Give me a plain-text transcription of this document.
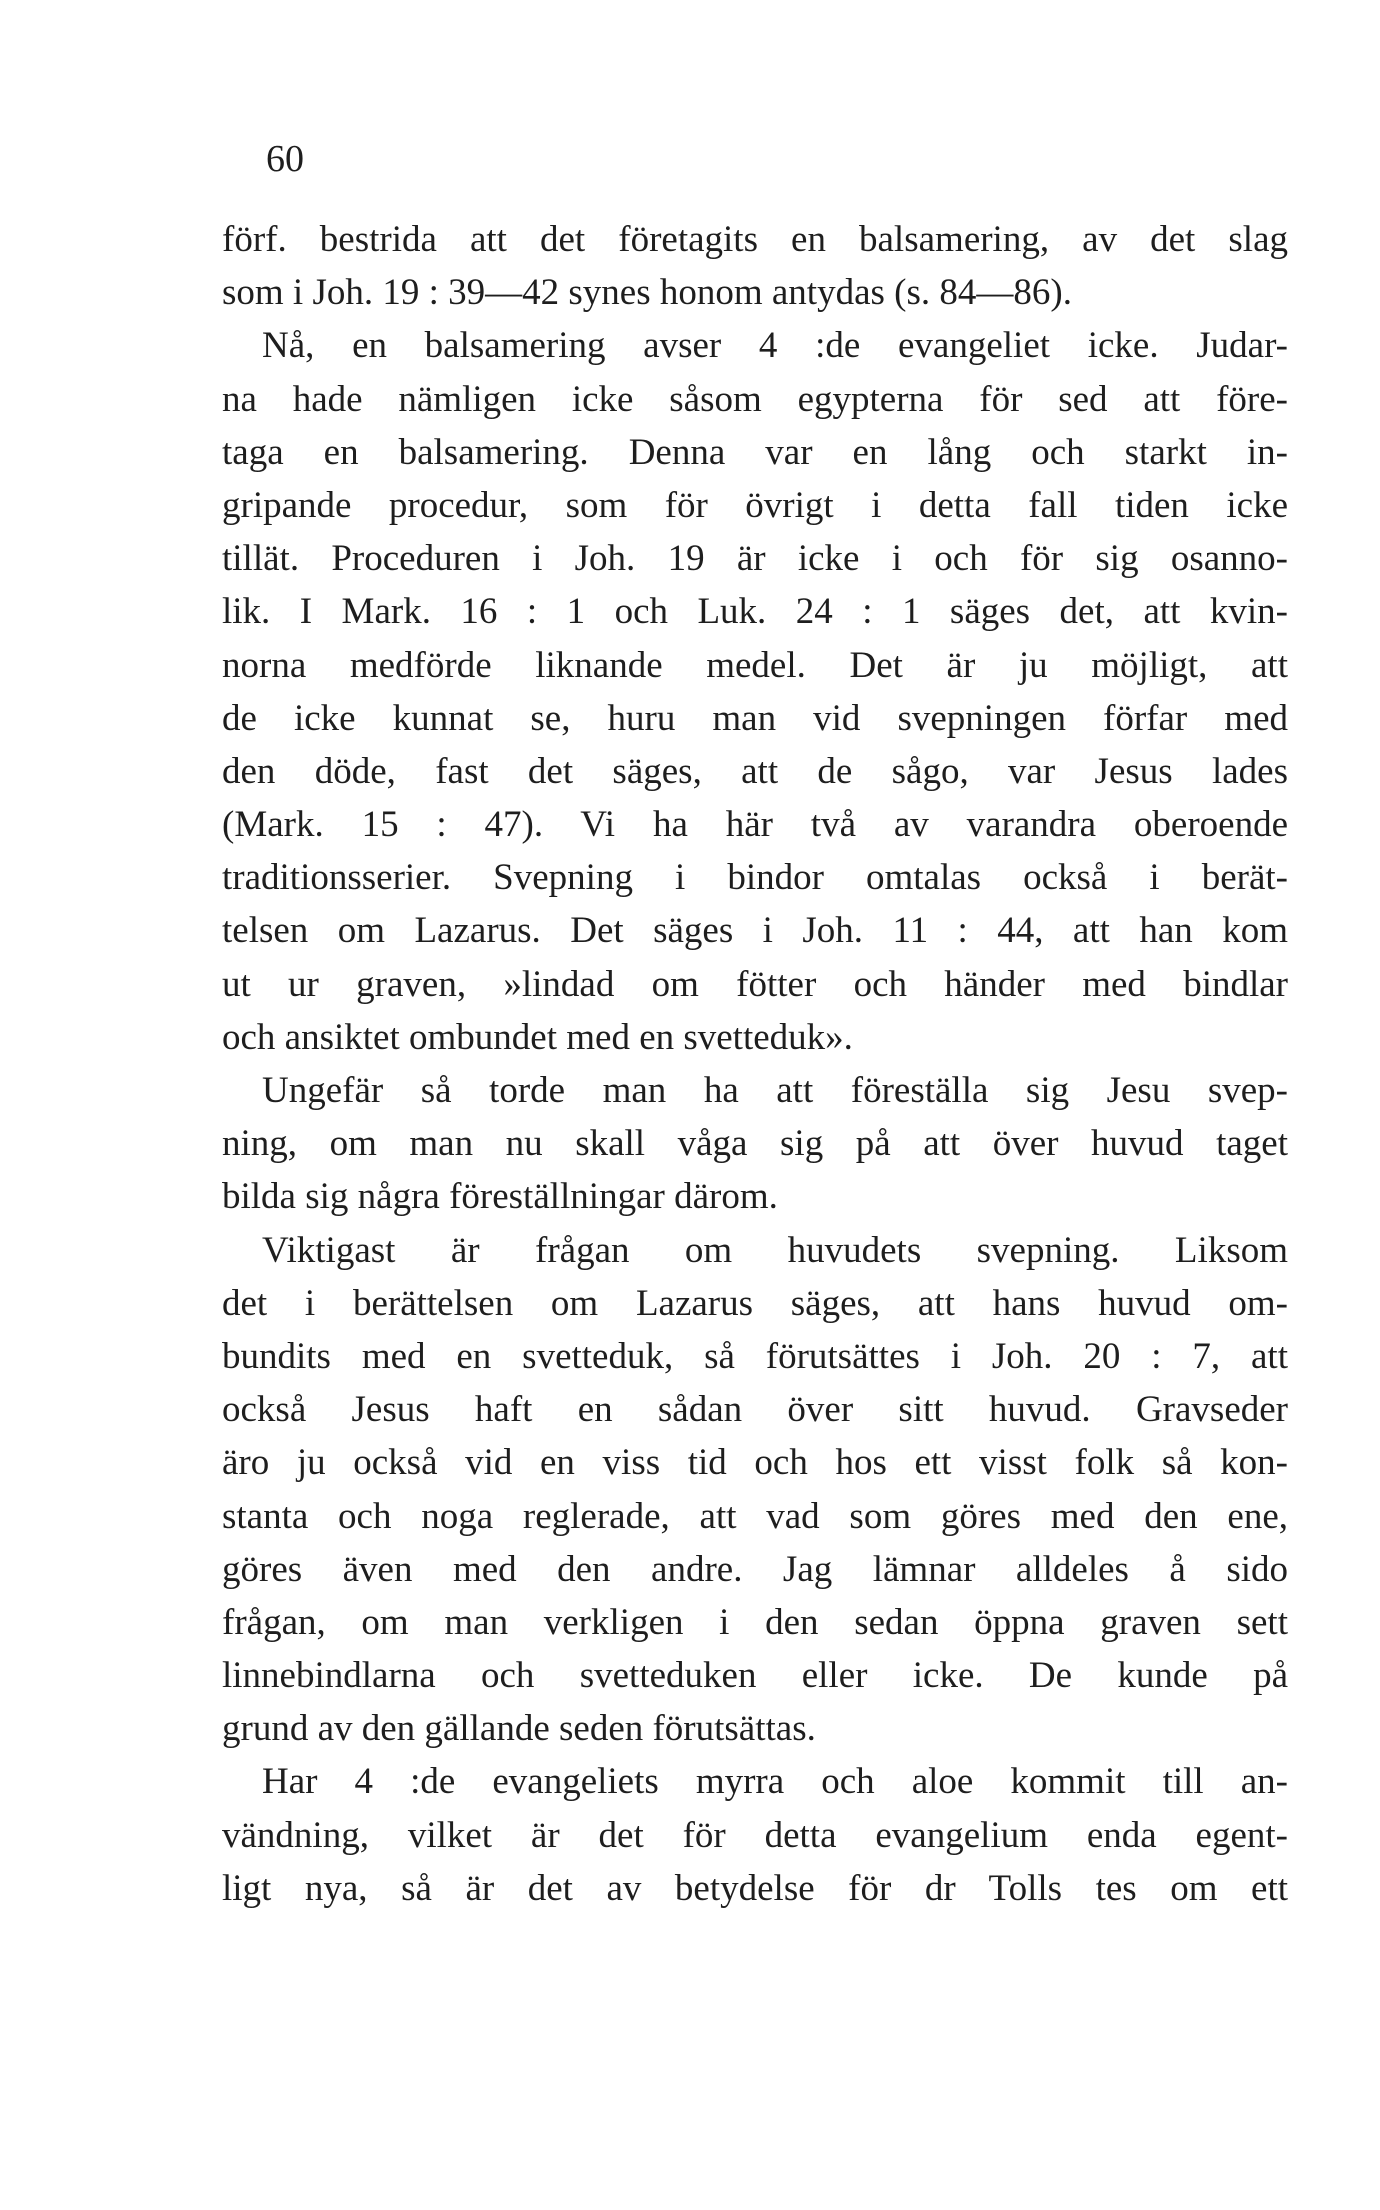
60
förf. bestrida att det företagits en balsamering, av det slag
som i Joh. 19 : 39—42 synes honom antydas (s. 84—86).
Nå, en balsamering avser 4 :de evangeliet icke. Judar-
na hade nämligen icke såsom egypterna för sed att före-
taga en balsamering. Denna var en lång och starkt in-
gripande procedur, som för övrigt i detta fall tiden icke
tillät. Proceduren i Joh. 19 är icke i och för sig osanno-
lik. I Mark. 16 : 1 och Luk. 24 : 1 säges det, att kvin-
norna medförde liknande medel. Det är ju möjligt, att
de icke kunnat se, huru man vid svepningen förfar med
den döde, fast det säges, att de sågo, var Jesus lades
(Mark. 15 : 47). Vi ha här två av varandra oberoende
traditionsserier. Svepning i bindor omtalas också i berät-
telsen om Lazarus. Det säges i Joh. 11 : 44, att han kom
ut ur graven, »lindad om fötter och händer med bindlar
och ansiktet ombundet med en svetteduk».
Ungefär så torde man ha att föreställa sig Jesu svep-
ning, om man nu skall våga sig på att över huvud taget
bilda sig några föreställningar därom.
Viktigast är frågan om huvudets svepning. Liksom
det i berättelsen om Lazarus säges, att hans huvud om-
bundits med en svetteduk, så förutsättes i Joh. 20 : 7, att
också Jesus haft en sådan över sitt huvud. Gravseder
äro ju också vid en viss tid och hos ett visst folk så kon-
stanta och noga reglerade, att vad som göres med den ene,
göres även med den andre. Jag lämnar alldeles å sido
frågan, om man verkligen i den sedan öppna graven sett
linnebindlarna och svetteduken eller icke. De kunde på
grund av den gällande seden förutsättas.
Har 4 :de evangeliets myrra och aloe kommit till an-
vändning, vilket är det för detta evangelium enda egent-
ligt nya, så är det av betydelse för dr Tolls tes om ett
